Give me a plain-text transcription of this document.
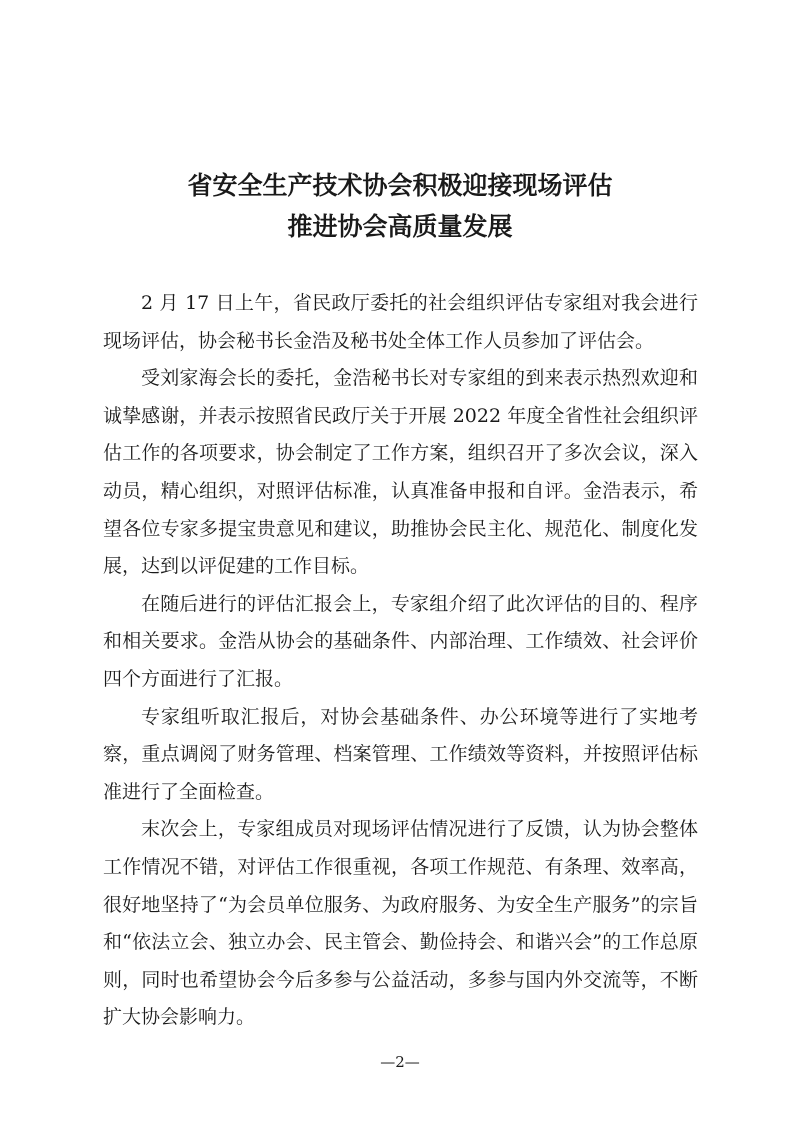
省安全生产技术协会积极迎接现场评估
推进协会高质量发展

2 月 17 日上午，省民政厅委托的社会组织评估专家组对我会进行现场评估，协会秘书长金浩及秘书处全体工作人员参加了评估会。

受刘家海会长的委托，金浩秘书长对专家组的到来表示热烈欢迎和诚挚感谢，并表示按照省民政厅关于开展 2022 年度全省性社会组织评估工作的各项要求，协会制定了工作方案，组织召开了多次会议，深入动员，精心组织，对照评估标准，认真准备申报和自评。金浩表示，希望各位专家多提宝贵意见和建议，助推协会民主化、规范化、制度化发展，达到以评促建的工作目标。

在随后进行的评估汇报会上，专家组介绍了此次评估的目的、程序和相关要求。金浩从协会的基础条件、内部治理、工作绩效、社会评价四个方面进行了汇报。

专家组听取汇报后，对协会基础条件、办公环境等进行了实地考察，重点调阅了财务管理、档案管理、工作绩效等资料，并按照评估标准进行了全面检查。

末次会上，专家组成员对现场评估情况进行了反馈，认为协会整体工作情况不错，对评估工作很重视，各项工作规范、有条理、效率高，很好地坚持了“为会员单位服务、为政府服务、为安全生产服务”的宗旨和“依法立会、独立办会、民主管会、勤俭持会、和谐兴会”的工作总原则，同时也希望协会今后多参与公益活动，多参与国内外交流等，不断扩大协会影响力。

—2—
